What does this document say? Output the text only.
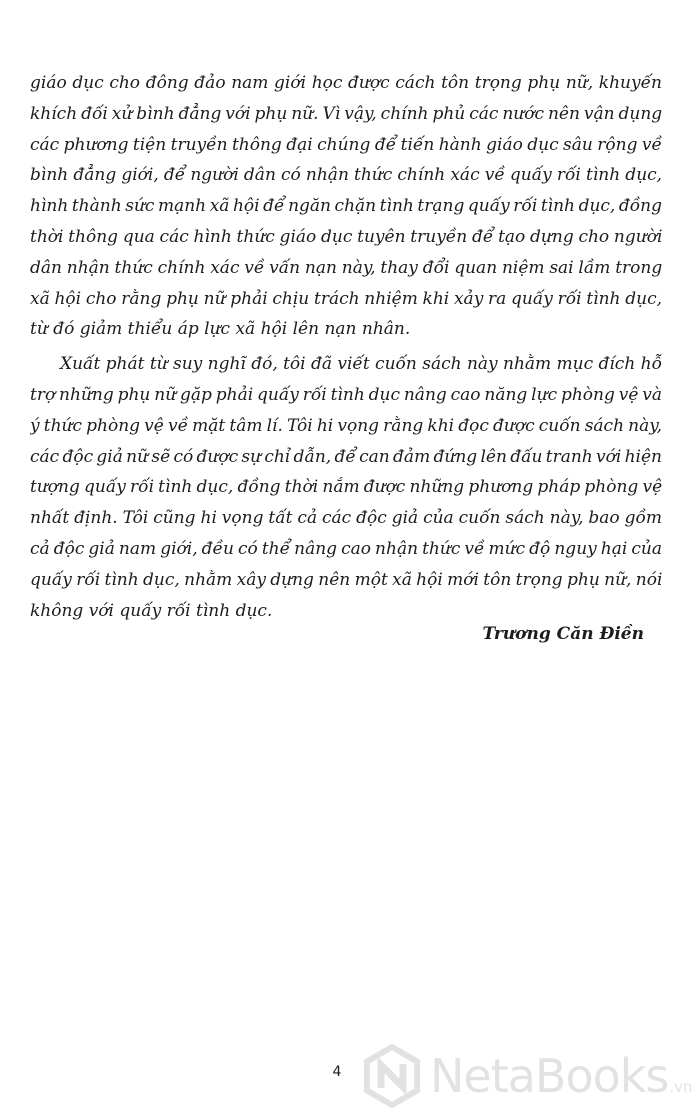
giáo dục cho đông đảo nam giới học được cách tôn trọng phụ nữ, khuyến
khích đối xử bình đẳng với phụ nữ. Vì vậy, chính phủ các nước nên vận dụng
các phương tiện truyền thông đại chúng để tiến hành giáo dục sâu rộng về
bình đẳng giới, để người dân có nhận thức chính xác về quấy rối tình dục,
hình thành sức mạnh xã hội để ngăn chặn tình trạng quấy rối tình dục, đồng
thời thông qua các hình thức giáo dục tuyên truyền để tạo dựng cho người
dân nhận thức chính xác về vấn nạn này, thay đổi quan niệm sai lầm trong
xã hội cho rằng phụ nữ phải chịu trách nhiệm khi xảy ra quấy rối tình dục,
từ đó giảm thiểu áp lực xã hội lên nạn nhân.
Xuất phát từ suy nghĩ đó, tôi đã viết cuốn sách này nhằm mục đích hỗ
trợ những phụ nữ gặp phải quấy rối tình dục nâng cao năng lực phòng vệ và
ý thức phòng vệ về mặt tâm lí. Tôi hi vọng rằng khi đọc được cuốn sách này,
các độc giả nữ sẽ có được sự chỉ dẫn, để can đảm đứng lên đấu tranh với hiện
tượng quấy rối tình dục, đồng thời nắm được những phương pháp phòng vệ
nhất định. Tôi cũng hi vọng tất cả các độc giả của cuốn sách này, bao gồm
cả độc giả nam giới, đều có thể nâng cao nhận thức về mức độ nguy hại của
quấy rối tình dục, nhằm xây dựng nên một xã hội mới tôn trọng phụ nữ, nói
không với quấy rối tình dục.
Trương Căn Điền
4 NetaBooks.vn
